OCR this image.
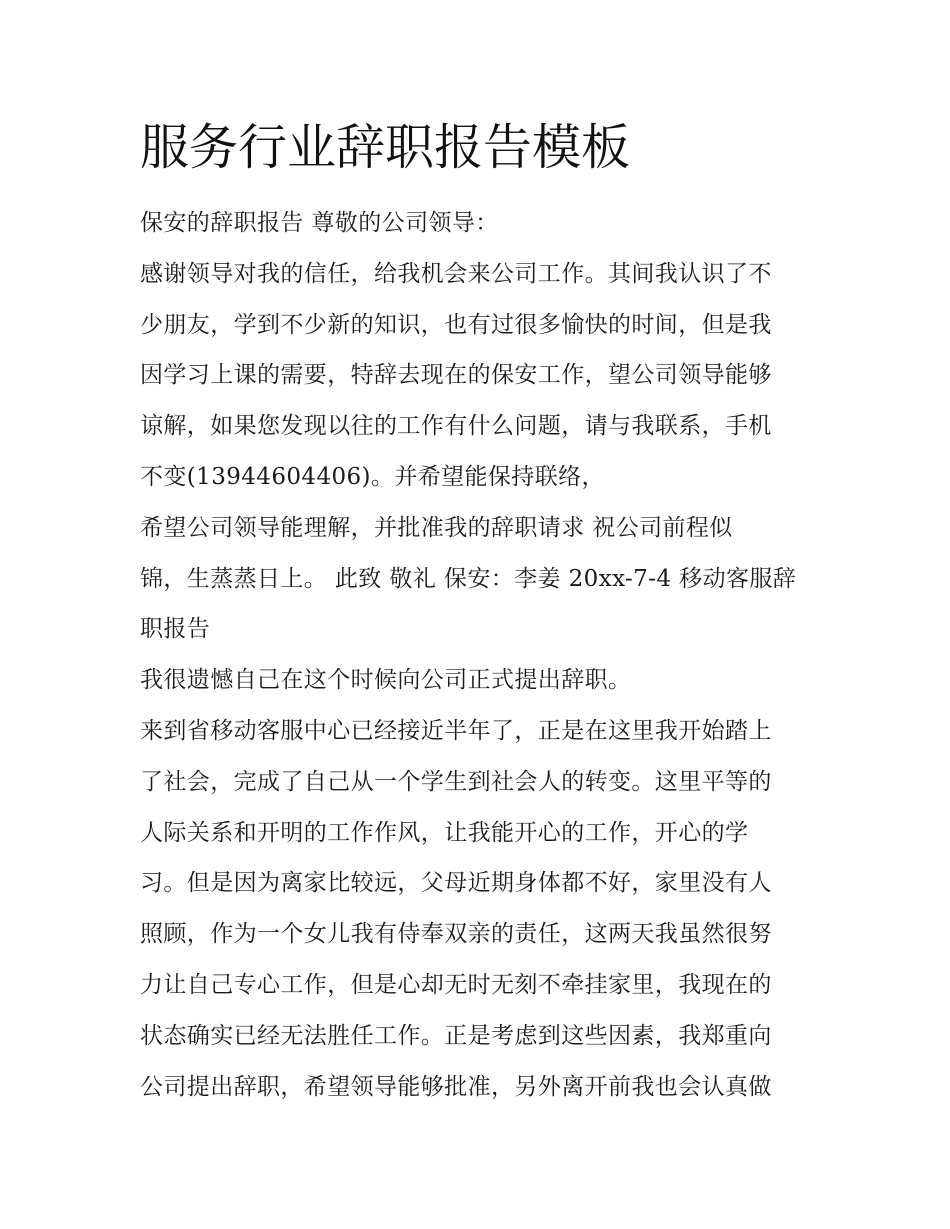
服务行业辞职报告模板
保安的辞职报告 尊敬的公司领导：
感谢领导对我的信任，给我机会来公司工作。其间我认识了不
少朋友，学到不少新的知识，也有过很多愉快的时间，但是我
因学习上课的需要，特辞去现在的保安工作，望公司领导能够
谅解，如果您发现以往的工作有什么问题，请与我联系，手机
不变(13944604406)。并希望能保持联络，
希望公司领导能理解，并批准我的辞职请求 祝公司前程似
锦，生蒸蒸日上。 此致 敬礼 保安：李姜 20xx-7-4 移动客服辞
职报告
我很遗憾自己在这个时候向公司正式提出辞职。
来到省移动客服中心已经接近半年了，正是在这里我开始踏上
了社会，完成了自己从一个学生到社会人的转变。这里平等的
人际关系和开明的工作作风，让我能开心的工作，开心的学
习。但是因为离家比较远，父母近期身体都不好，家里没有人
照顾，作为一个女儿我有侍奉双亲的责任，这两天我虽然很努
力让自己专心工作，但是心却无时无刻不牵挂家里，我现在的
状态确实已经无法胜任工作。正是考虑到这些因素，我郑重向
公司提出辞职，希望领导能够批准，另外离开前我也会认真做
